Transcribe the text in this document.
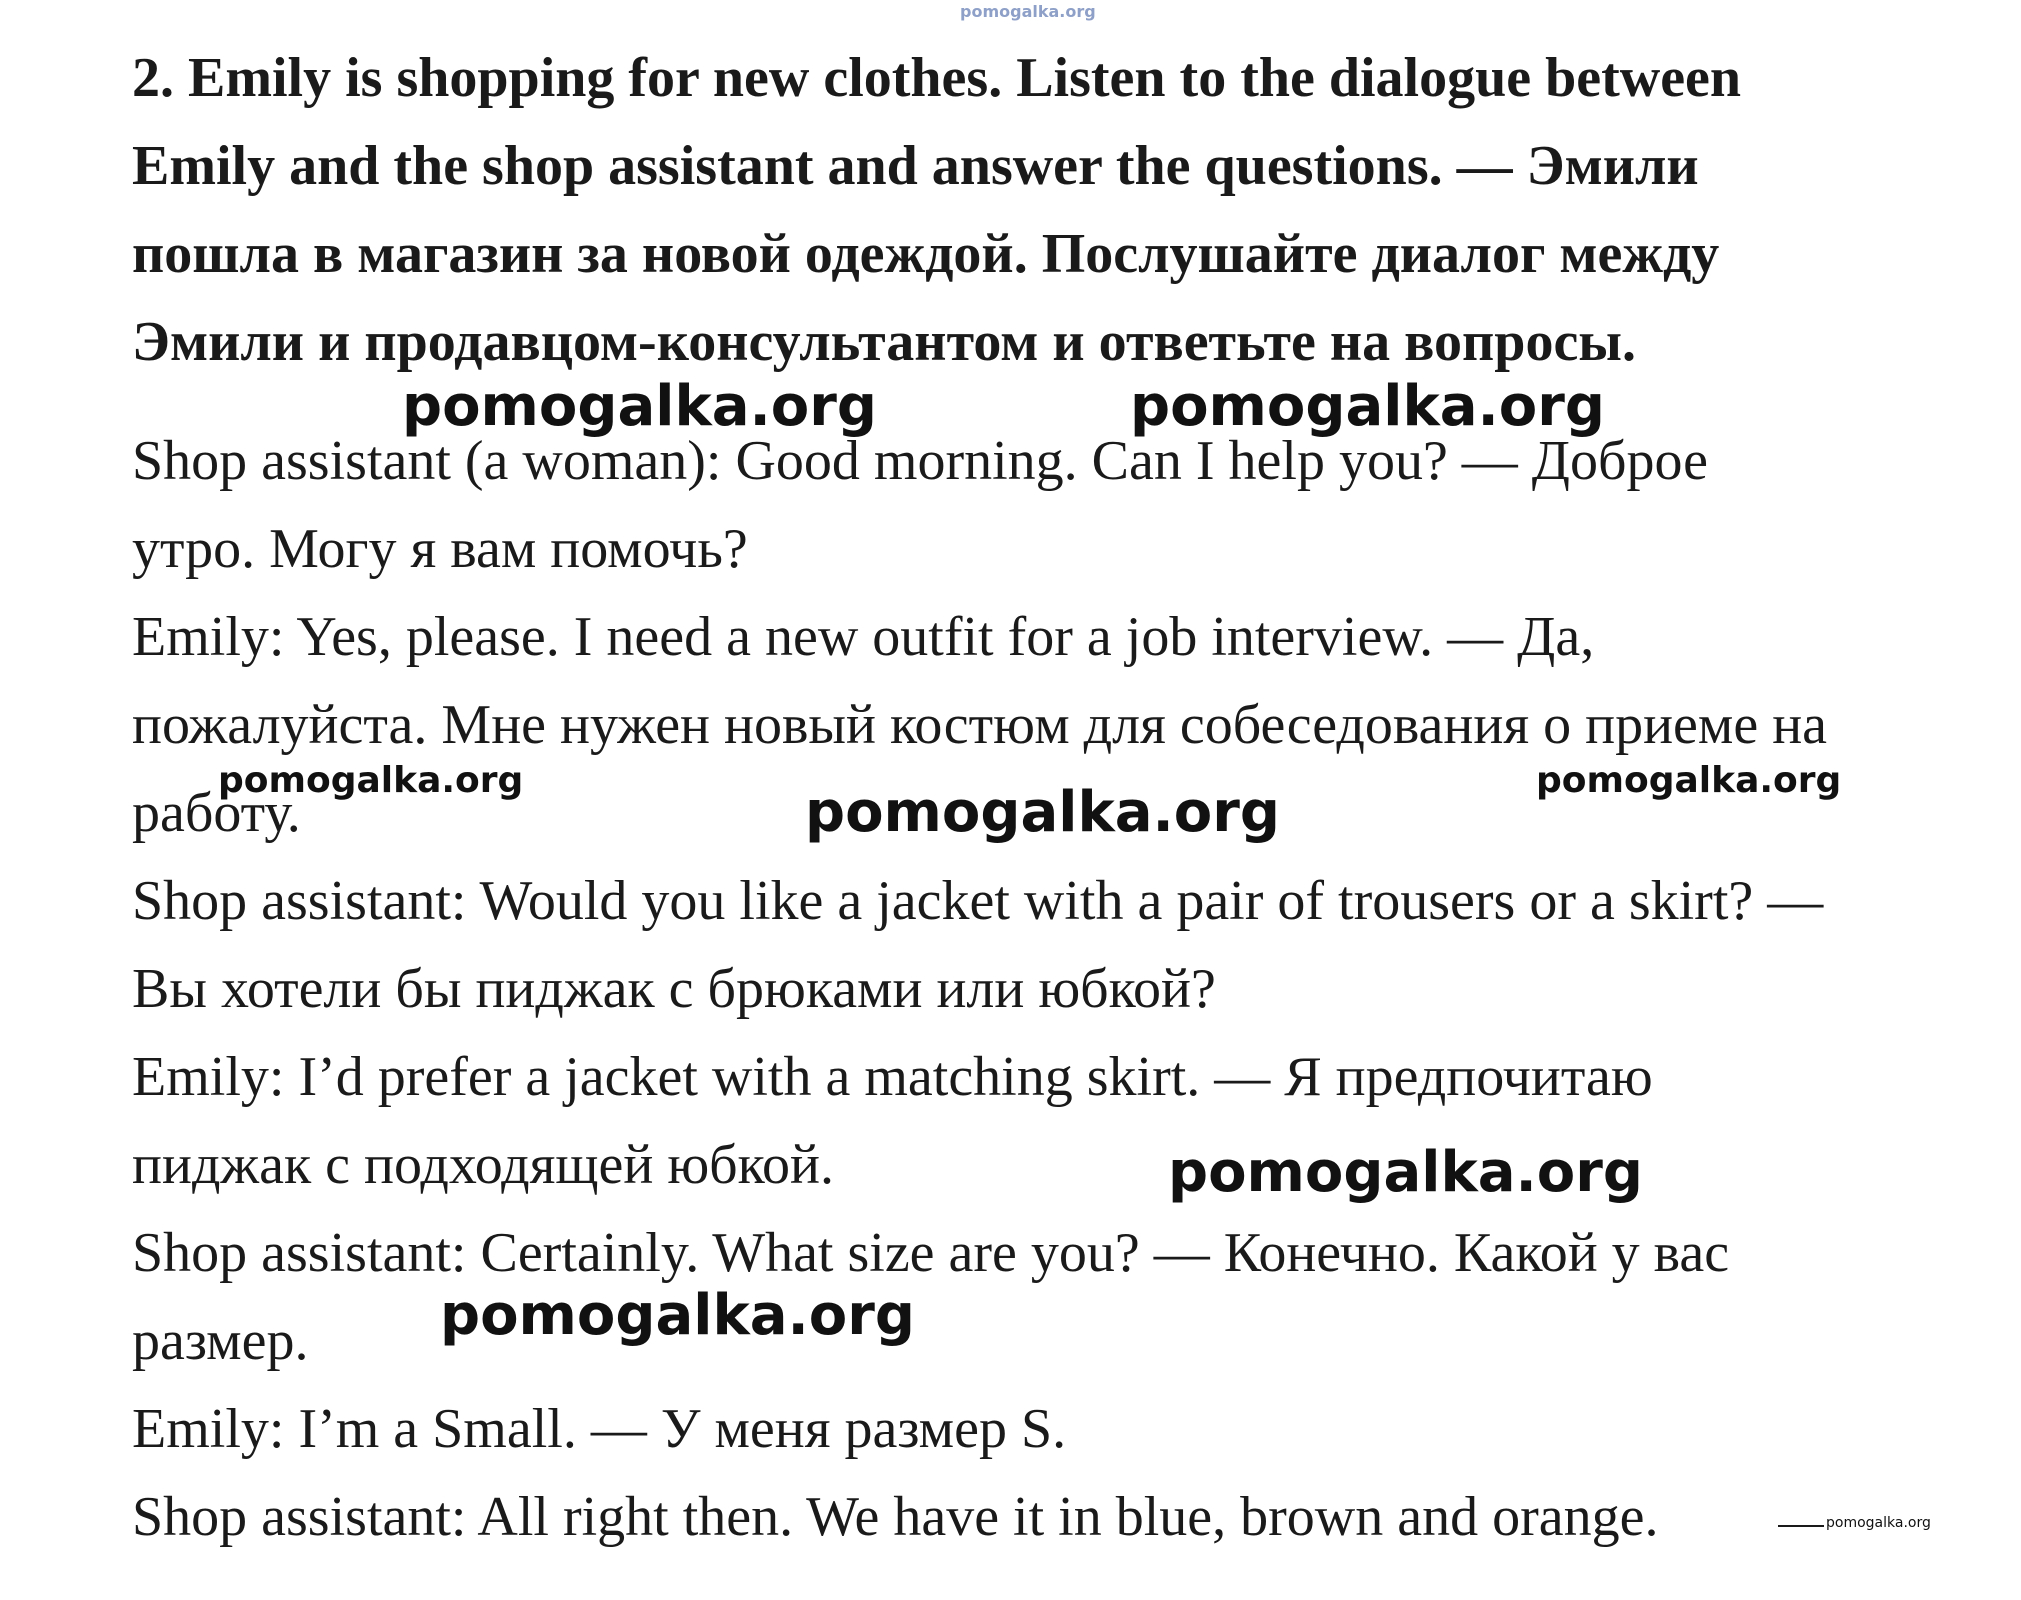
pomogalka.org
2. Emily is shopping for new clothes. Listen to the dialogue between
Emily and the shop assistant and answer the questions. — Эмили
пошла в магазин за новой одеждой. Послушайте диалог между
Эмили и продавцом-консультантом и ответьте на вопросы.
Shop assistant (a woman): Good morning. Can I help you? — Доброе
утро. Могу я вам помочь?
Emily: Yes, please. I need a new outfit for a job interview. — Да,
пожалуйста. Мне нужен новый костюм для собеседования о приеме на
работу.
Shop assistant: Would you like a jacket with a pair of trousers or a skirt? —
Вы хотели бы пиджак с брюками или юбкой?
Emily: I’d prefer a jacket with a matching skirt. — Я предпочитаю
пиджак с подходящей юбкой.
Shop assistant: Certainly. What size are you? — Конечно. Какой у вас
размер.
Emily: I’m a Small. — У меня размер S.
Shop assistant: All right then. We have it in blue, brown and orange.
pomogalka.org	pomogalka.org
pomogalka.org	pomogalka.org	pomogalka.org
pomogalka.org
pomogalka.org
pomogalka.org
